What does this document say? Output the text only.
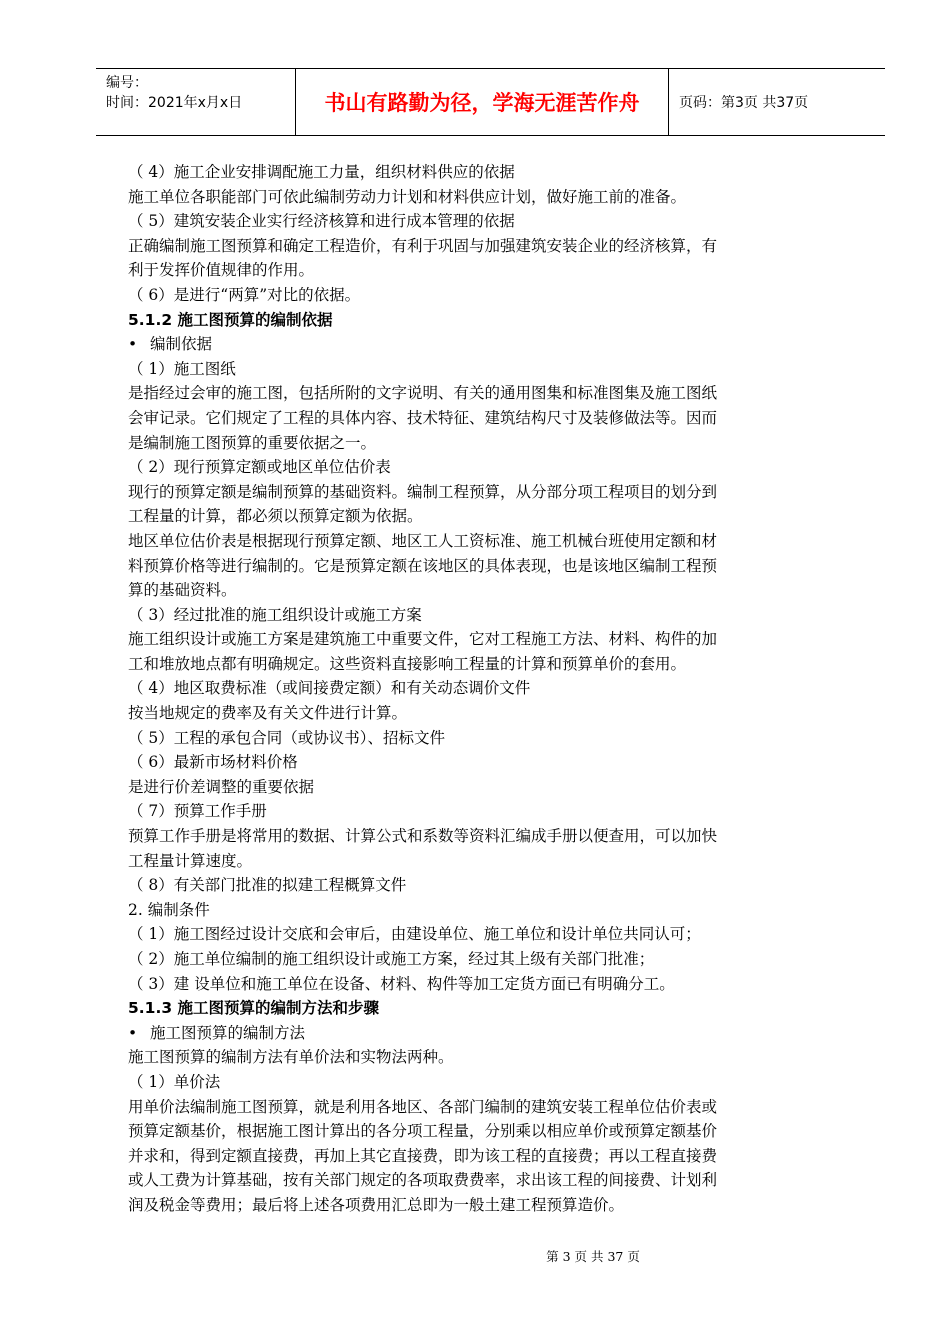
编号：
时间：2021年x月x日	书山有路勤为径，学海无涯苦作舟	页码：第3页 共37页

（ 4）施工企业安排调配施工力量，组织材料供应的依据

施工单位各职能部门可依此编制劳动力计划和材料供应计划，做好施工前的准备。

（ 5）建筑安装企业实行经济核算和进行成本管理的依据

正确编制施工图预算和确定工程造价，有利于巩固与加强建筑安装企业的经济核算，有

利于发挥价值规律的作用。

（ 6）是进行“两算”对比的依据。

5.1.2 施工图预算的编制依据

• 编制依据

（ 1）施工图纸

是指经过会审的施工图，包括所附的文字说明、有关的通用图集和标准图集及施工图纸

会审记录。它们规定了工程的具体内容、技术特征、建筑结构尺寸及装修做法等。因而

是编制施工图预算的重要依据之一。

（ 2）现行预算定额或地区单位估价表

现行的预算定额是编制预算的基础资料。编制工程预算，从分部分项工程项目的划分到

工程量的计算，都必须以预算定额为依据。

地区单位估价表是根据现行预算定额、地区工人工资标准、施工机械台班使用定额和材

料预算价格等进行编制的。它是预算定额在该地区的具体表现，也是该地区编制工程预

算的基础资料。

（ 3）经过批准的施工组织设计或施工方案

施工组织设计或施工方案是建筑施工中重要文件，它对工程施工方法、材料、构件的加

工和堆放地点都有明确规定。这些资料直接影响工程量的计算和预算单价的套用。

（ 4）地区取费标准（或间接费定额）和有关动态调价文件

按当地规定的费率及有关文件进行计算。

（ 5）工程的承包合同（或协议书）、招标文件

（ 6）最新市场材料价格

是进行价差调整的重要依据

（ 7）预算工作手册

预算工作手册是将常用的数据、计算公式和系数等资料汇编成手册以便查用，可以加快

工程量计算速度。

（ 8）有关部门批准的拟建工程概算文件

2. 编制条件

（ 1）施工图经过设计交底和会审后，由建设单位、施工单位和设计单位共同认可；

（ 2）施工单位编制的施工组织设计或施工方案，经过其上级有关部门批准；

（ 3）建 设单位和施工单位在设备、材料、构件等加工定货方面已有明确分工。

5.1.3 施工图预算的编制方法和步骤

• 施工图预算的编制方法

施工图预算的编制方法有单价法和实物法两种。

（ 1）单价法

用单价法编制施工图预算，就是利用各地区、各部门编制的建筑安装工程单位估价表或

预算定额基价，根据施工图计算出的各分项工程量，分别乘以相应单价或预算定额基价

并求和，得到定额直接费，再加上其它直接费，即为该工程的直接费；再以工程直接费

或人工费为计算基础，按有关部门规定的各项取费费率，求出该工程的间接费、计划利

润及税金等费用；最后将上述各项费用汇总即为一般土建工程预算造价。

第 3 页 共 37 页
